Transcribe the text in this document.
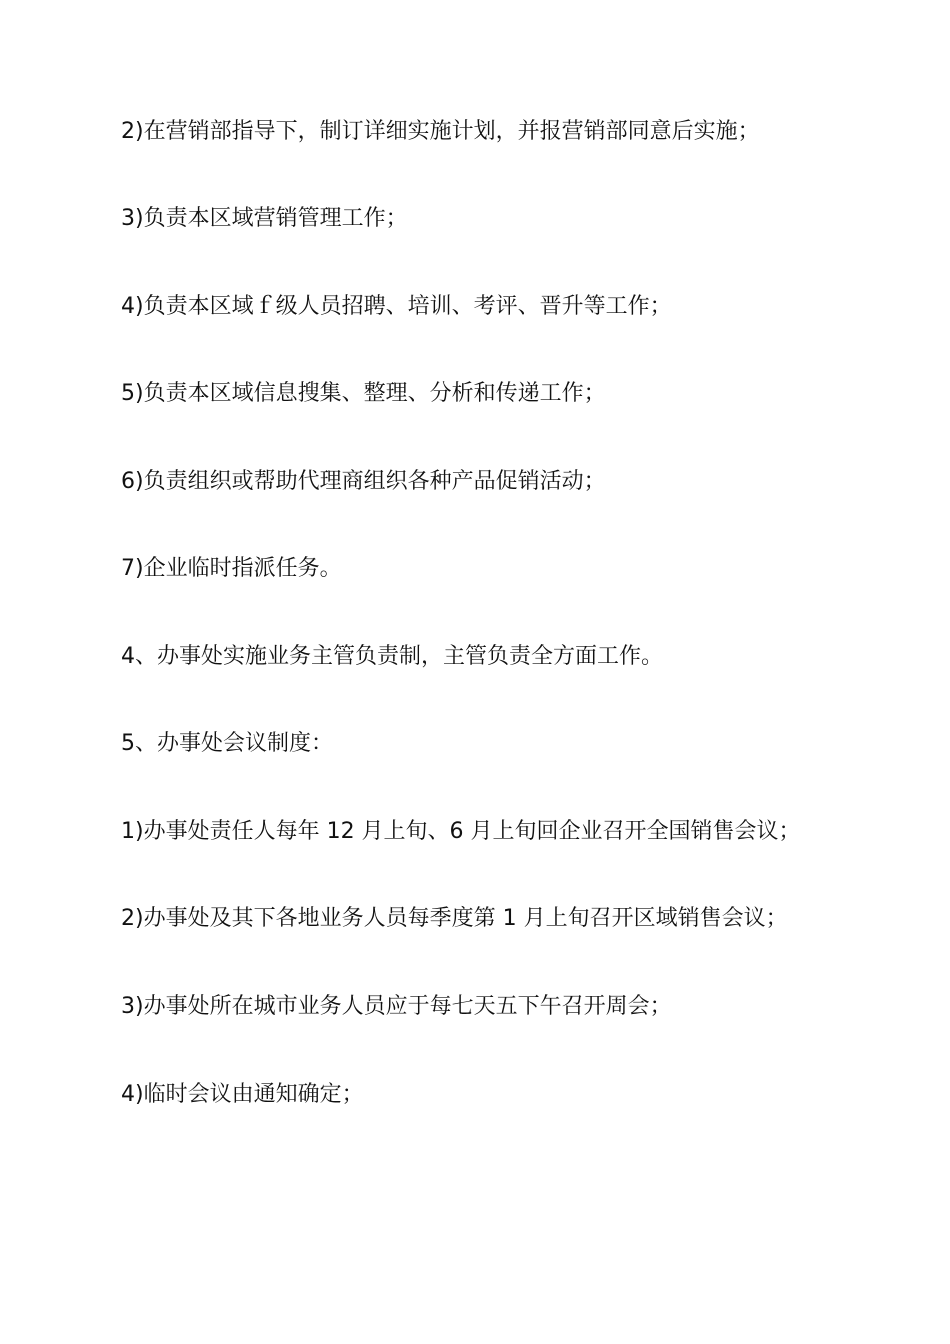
2)在营销部指导下，制订详细实施计划，并报营销部同意后实施；

3)负责本区域营销管理工作；

4)负责本区域ｆ级人员招聘、培训、考评、晋升等工作；

5)负责本区域信息搜集、整理、分析和传递工作；

6)负责组织或帮助代理商组织各种产品促销活动；

7)企业临时指派任务。

4、办事处实施业务主管负责制，主管负责全方面工作。

5、办事处会议制度：

1)办事处责任人每年 12 月上旬、6 月上旬回企业召开全国销售会议；

2)办事处及其下各地业务人员每季度第 1 月上旬召开区域销售会议；

3)办事处所在城市业务人员应于每七天五下午召开周会；

4)临时会议由通知确定；
